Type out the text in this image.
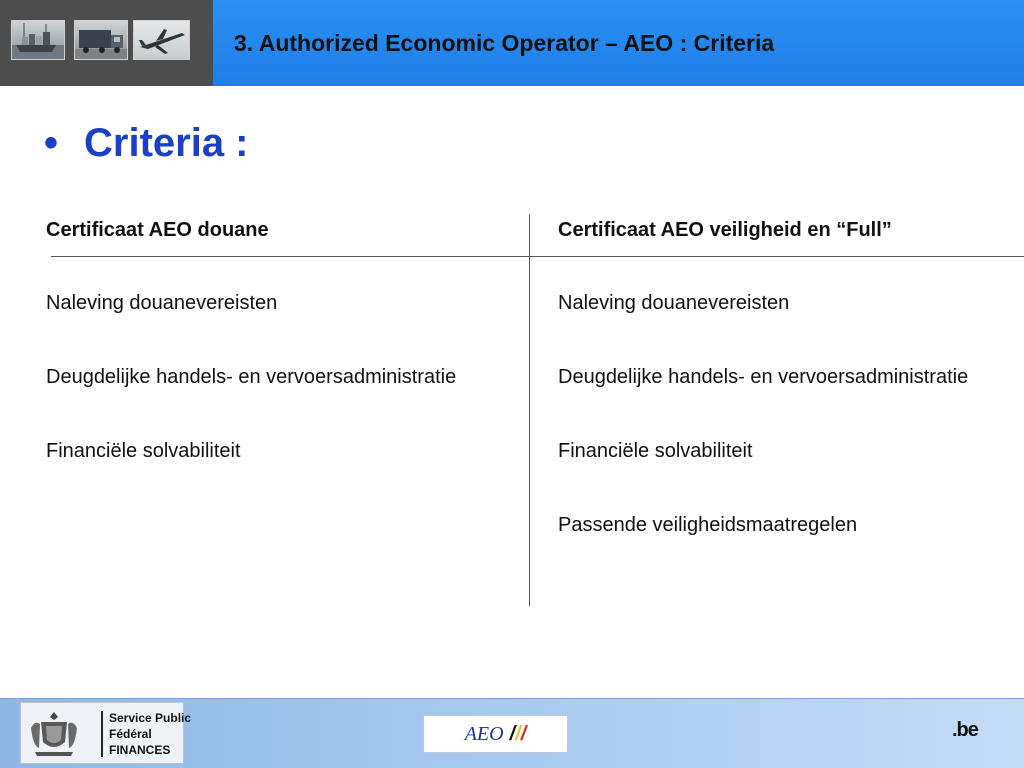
3. Authorized Economic Operator – AEO : Criteria
• Criteria :
Certificaat AEO douane
Naleving douanevereisten
Deugdelijke handels- en vervoersadministratie
Financiële solvabiliteit
Certificaat AEO veiligheid en “Full”
Naleving douanevereisten
Deugdelijke handels- en vervoersadministratie
Financiële solvabiliteit
Passende veiligheidsmaatregelen
Service Public
Fédéral
FINANCES
AEO ///	.be
